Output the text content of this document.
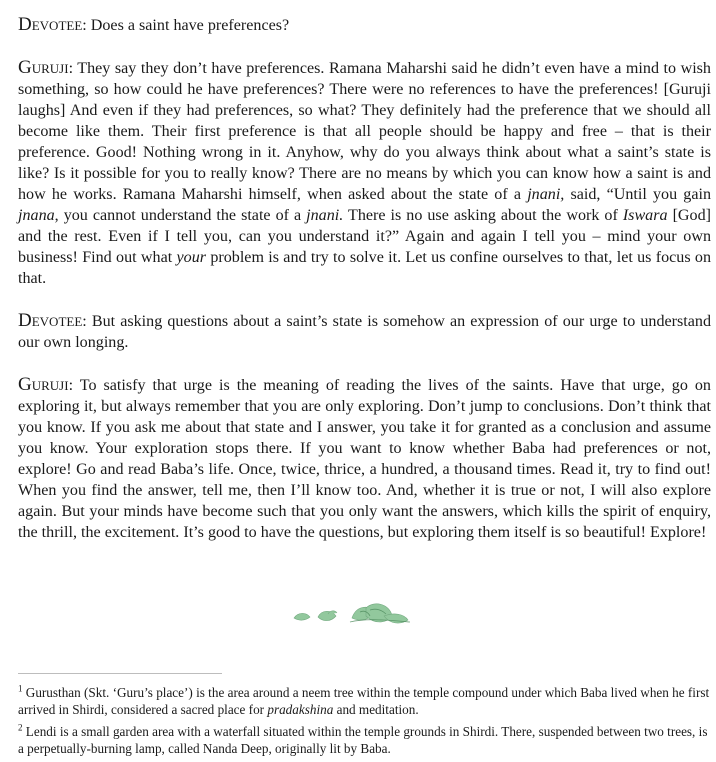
Devotee: Does a saint have preferences?

Guruji: They say they don’t have preferences. Ramana Maharshi said he didn’t even have a mind to wish something, so how could he have preferences? There were no references to have the preferences! [Guruji laughs] And even if they had preferences, so what? They definitely had the preference that we should all become like them. Their first preference is that all people should be happy and free – that is their preference. Good! Nothing wrong in it. Anyhow, why do you always think about what a saint’s state is like? Is it possible for you to really know? There are no means by which you can know how a saint is and how he works. Ramana Maharshi himself, when asked about the state of a jnani, said, “Until you gain jnana, you cannot understand the state of a jnani. There is no use asking about the work of Iswara [God] and the rest. Even if I tell you, can you understand it?” Again and again I tell you – mind your own business! Find out what your problem is and try to solve it. Let us confine ourselves to that, let us focus on that.

Devotee: But asking questions about a saint’s state is somehow an expression of our urge to understand our own longing.

Guruji: To satisfy that urge is the meaning of reading the lives of the saints. Have that urge, go on exploring it, but always remember that you are only exploring. Don’t jump to conclusions. Don’t think that you know. If you ask me about that state and I answer, you take it for granted as a conclusion and assume you know. Your exploration stops there. If you want to know whether Baba had preferences or not, explore! Go and read Baba’s life. Once, twice, thrice, a hundred, a thousand times. Read it, try to find out! When you find the answer, tell me, then I’ll know too. And, whether it is true or not, I will also explore again. But your minds have become such that you only want the answers, which kills the spirit of enquiry, the thrill, the excitement. It’s good to have the questions, but exploring them itself is so beautiful! Explore!

$^1$ Gurusthan (Skt. ‘Guru’s place’) is the area around a neem tree within the temple compound under which Baba lived when he first arrived in Shirdi, considered a sacred place for pradakshina and meditation.

$^2$ Lendi is a small garden area with a waterfall situated within the temple grounds in Shirdi. There, suspended between two trees, is a perpetually-burning lamp, called Nanda Deep, originally lit by Baba.
